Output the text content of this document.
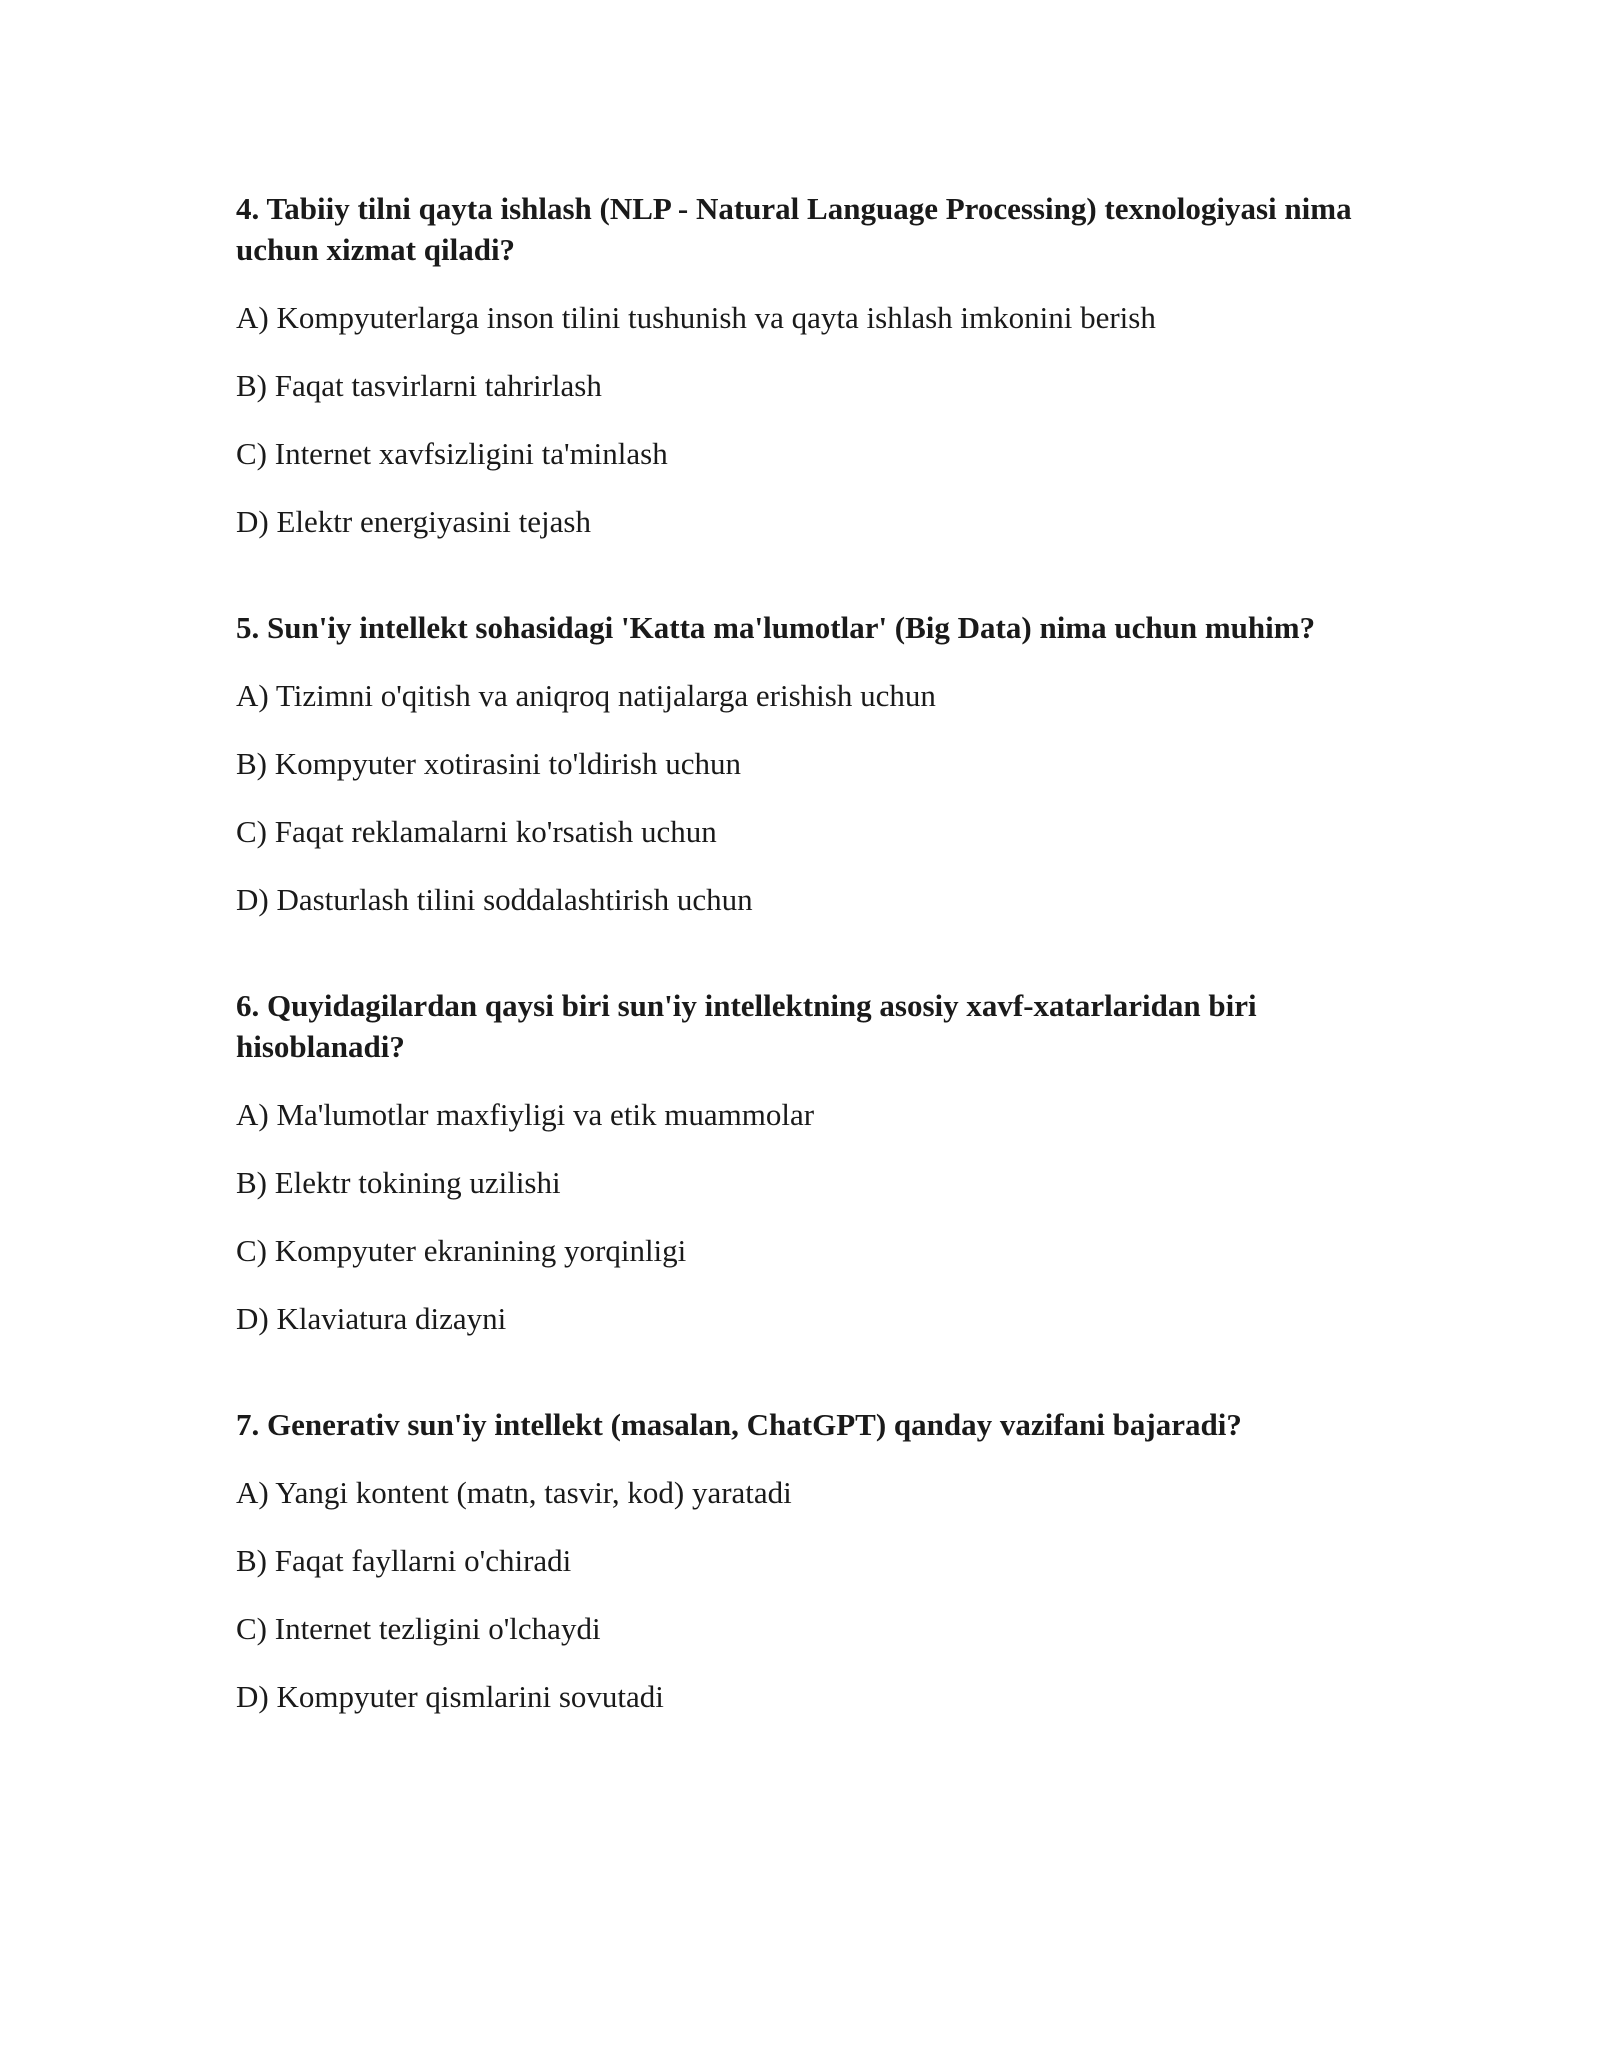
4. Tabiiy tilni qayta ishlash (NLP - Natural Language Processing) texnologiyasi nima uchun xizmat qiladi?

A) Kompyuterlarga inson tilini tushunish va qayta ishlash imkonini berish

B) Faqat tasvirlarni tahrirlash

C) Internet xavfsizligini ta'minlash

D) Elektr energiyasini tejash

5. Sun'iy intellekt sohasidagi 'Katta ma'lumotlar' (Big Data) nima uchun muhim?

A) Tizimni o'qitish va aniqroq natijalarga erishish uchun

B) Kompyuter xotirasini to'ldirish uchun

C) Faqat reklamalarni ko'rsatish uchun

D) Dasturlash tilini soddalashtirish uchun

6. Quyidagilardan qaysi biri sun'iy intellektning asosiy xavf-xatarlaridan biri hisoblanadi?

A) Ma'lumotlar maxfiyligi va etik muammolar

B) Elektr tokining uzilishi

C) Kompyuter ekranining yorqinligi

D) Klaviatura dizayni

7. Generativ sun'iy intellekt (masalan, ChatGPT) qanday vazifani bajaradi?

A) Yangi kontent (matn, tasvir, kod) yaratadi

B) Faqat fayllarni o'chiradi

C) Internet tezligini o'lchaydi

D) Kompyuter qismlarini sovutadi
